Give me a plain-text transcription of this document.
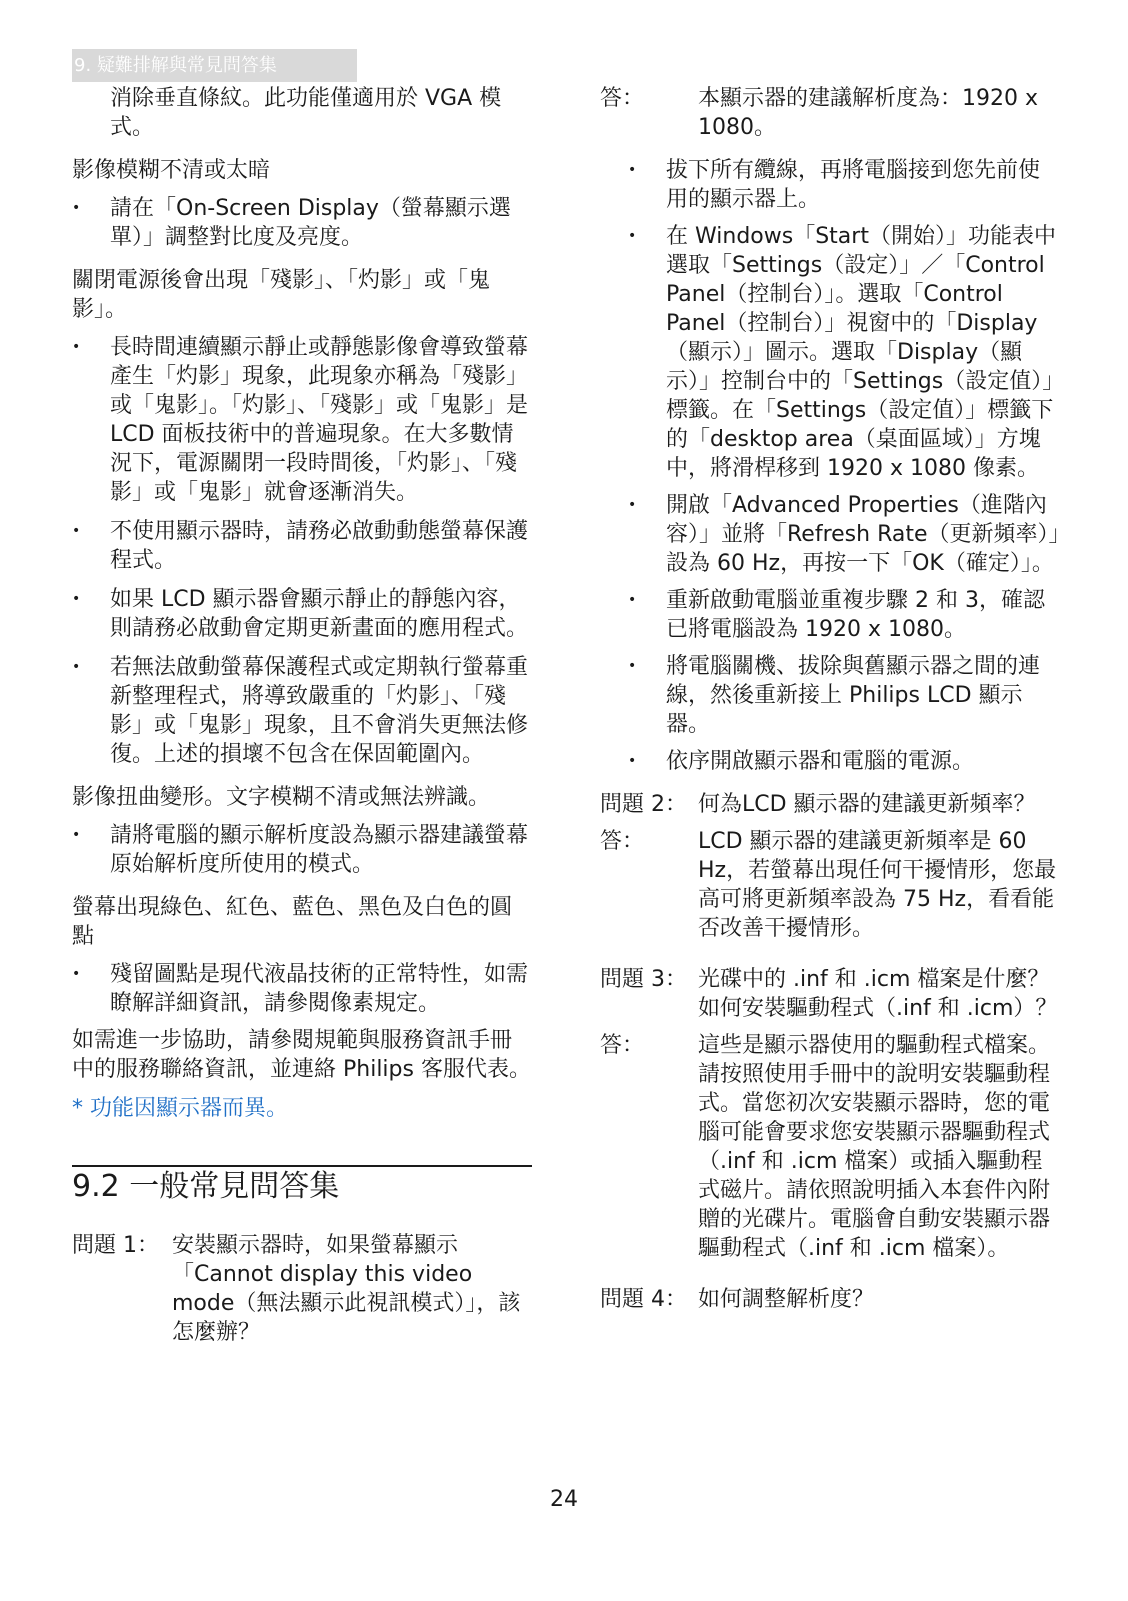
9. 疑難排解與常見問答集

消除垂直條紋。此功能僅適用於 VGA 模式。

影像模糊不清或太暗

•	請在「On-Screen Display（螢幕顯示選單）」調整對比度及亮度。

關閉電源後會出現「殘影」、「灼影」或「鬼影」。

•	長時間連續顯示靜止或靜態影像會導致螢幕產生「灼影」現象，此現象亦稱為「殘影」或「鬼影」。「灼影」、「殘影」或「鬼影」是 LCD 面板技術中的普遍現象。在大多數情況下，電源關閉一段時間後，「灼影」、「殘影」或「鬼影」就會逐漸消失。

•	不使用顯示器時，請務必啟動動態螢幕保護程式。

•	如果 LCD 顯示器會顯示靜止的靜態內容，則請務必啟動會定期更新畫面的應用程式。

•	若無法啟動螢幕保護程式或定期執行螢幕重新整理程式，將導致嚴重的「灼影」、「殘影」或「鬼影」現象，且不會消失更無法修復。上述的損壞不包含在保固範圍內。

影像扭曲變形。文字模糊不清或無法辨識。

•	請將電腦的顯示解析度設為顯示器建議螢幕原始解析度所使用的模式。

螢幕出現綠色、紅色、藍色、黑色及白色的圓點

•	殘留圖點是現代液晶技術的正常特性，如需瞭解詳細資訊，請參閱像素規定。

如需進一步協助，請參閱規範與服務資訊手冊中的服務聯絡資訊，並連絡 Philips 客服代表。

* 功能因顯示器而異。

9.2 一般常見問答集

問題 1： 安裝顯示器時，如果螢幕顯示「Cannot display this video mode（無法顯示此視訊模式）」，該怎麼辦？

答：	本顯示器的建議解析度為：1920 x 1080。

•	拔下所有纜線，再將電腦接到您先前使用的顯示器上。

•	在 Windows「Start（開始）」功能表中選取「Settings（設定）」／「Control Panel（控制台）」。選取「Control Panel（控制台）」視窗中的「Display（顯示）」圖示。選取「Display（顯示）」控制台中的「Settings（設定值）」標籤。在「Settings（設定值）」標籤下的「desktop area（桌面區域）」方塊中，將滑桿移到 1920 x 1080 像素。

•	開啟「Advanced Properties（進階內容）」並將「Refresh Rate（更新頻率）」設為 60 Hz，再按一下「OK（確定）」。

•	重新啟動電腦並重複步驟 2 和 3，確認已將電腦設為 1920 x 1080。

•	將電腦關機、拔除與舊顯示器之間的連線，然後重新接上 Philips LCD 顯示器。

•	依序開啟顯示器和電腦的電源。

問題 2： 何為LCD 顯示器的建議更新頻率？

答：	LCD 顯示器的建議更新頻率是 60 Hz，若螢幕出現任何干擾情形，您最高可將更新頻率設為 75 Hz，看看能否改善干擾情形。

問題 3： 光碟中的 .inf 和 .icm 檔案是什麼？ 如何安裝驅動程式（.inf 和 .icm）？

答：	這些是顯示器使用的驅動程式檔案。請按照使用手冊中的說明安裝驅動程式。當您初次安裝顯示器時，您的電腦可能會要求您安裝顯示器驅動程式（.inf 和 .icm 檔案）或插入驅動程式磁片。請依照說明插入本套件內附贈的光碟片。電腦會自動安裝顯示器驅動程式（.inf 和 .icm 檔案）。

問題 4： 如何調整解析度？

24
